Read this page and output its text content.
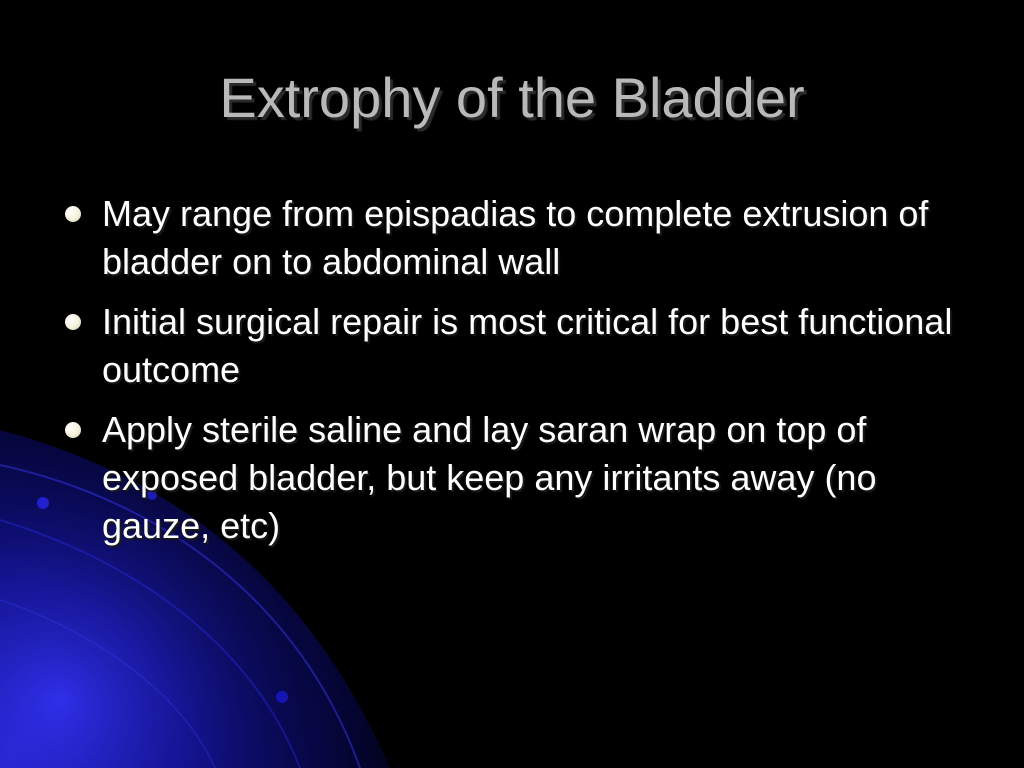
Extrophy of the Bladder
May range from epispadias to complete extrusion of bladder on to abdominal wall
Initial surgical repair is most critical for best functional outcome
Apply sterile saline and lay saran wrap on top of exposed bladder, but keep any irritants away (no gauze, etc)
